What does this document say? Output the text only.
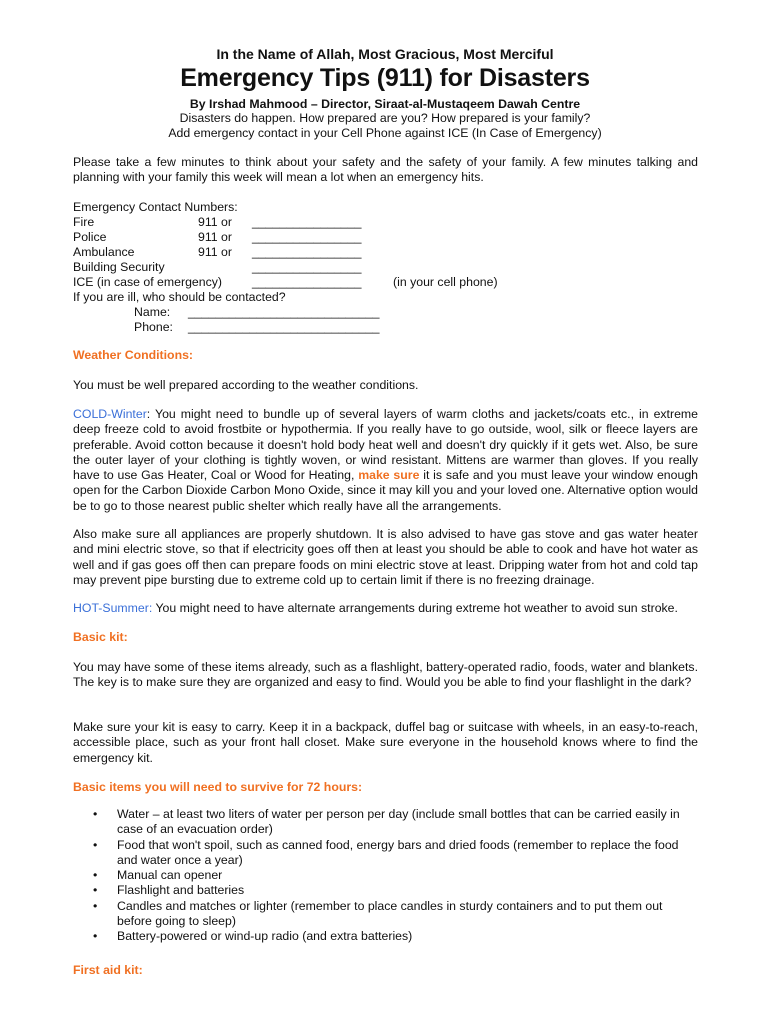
In the Name of Allah, Most Gracious, Most Merciful
Emergency Tips (911) for Disasters
By Irshad Mahmood – Director, Siraat-al-Mustaqeem Dawah Centre
Disasters do happen. How prepared are you? How prepared is your family?
Add emergency contact in your Cell Phone against ICE (In Case of Emergency)
Please take a few minutes to think about your safety and the safety of your family. A few minutes talking and planning with your family this week will mean a lot when an emergency hits.
Emergency Contact Numbers:
Fire	911 or ________________
Police	911 or ________________
Ambulance	911 or ________________
Building Security	________________
ICE (in case of emergency) ________________	(in your cell phone)
If you are ill, who should be contacted?
Name: ____________________________
Phone: ____________________________
Weather Conditions:
You must be well prepared according to the weather conditions.
COLD-Winter: You might need to bundle up of several layers of warm cloths and jackets/coats etc., in extreme deep freeze cold to avoid frostbite or hypothermia. If you really have to go outside, wool, silk or fleece layers are preferable. Avoid cotton because it doesn't hold body heat well and doesn't dry quickly if it gets wet. Also, be sure the outer layer of your clothing is tightly woven, or wind resistant. Mittens are warmer than gloves. If you really have to use Gas Heater, Coal or Wood for Heating, make sure it is safe and you must leave your window enough open for the Carbon Dioxide Carbon Mono Oxide, since it may kill you and your loved one. Alternative option would be to go to those nearest public shelter which really have all the arrangements.
Also make sure all appliances are properly shutdown. It is also advised to have gas stove and gas water heater and mini electric stove, so that if electricity goes off then at least you should be able to cook and have hot water as well and if gas goes off then can prepare foods on mini electric stove at least. Dripping water from hot and cold tap may prevent pipe bursting due to extreme cold up to certain limit if there is no freezing drainage.
HOT-Summer: You might need to have alternate arrangements during extreme hot weather to avoid sun stroke.
Basic kit:
You may have some of these items already, such as a flashlight, battery-operated radio, foods, water and blankets. The key is to make sure they are organized and easy to find. Would you be able to find your flashlight in the dark?
Make sure your kit is easy to carry. Keep it in a backpack, duffel bag or suitcase with wheels, in an easy-to-reach, accessible place, such as your front hall closet. Make sure everyone in the household knows where to find the emergency kit.
Basic items you will need to survive for 72 hours:
• Water – at least two liters of water per person per day (include small bottles that can be carried easily in case of an evacuation order)
• Food that won't spoil, such as canned food, energy bars and dried foods (remember to replace the food and water once a year)
• Manual can opener
• Flashlight and batteries
• Candles and matches or lighter (remember to place candles in sturdy containers and to put them out before going to sleep)
• Battery-powered or wind-up radio (and extra batteries)
First aid kit:
